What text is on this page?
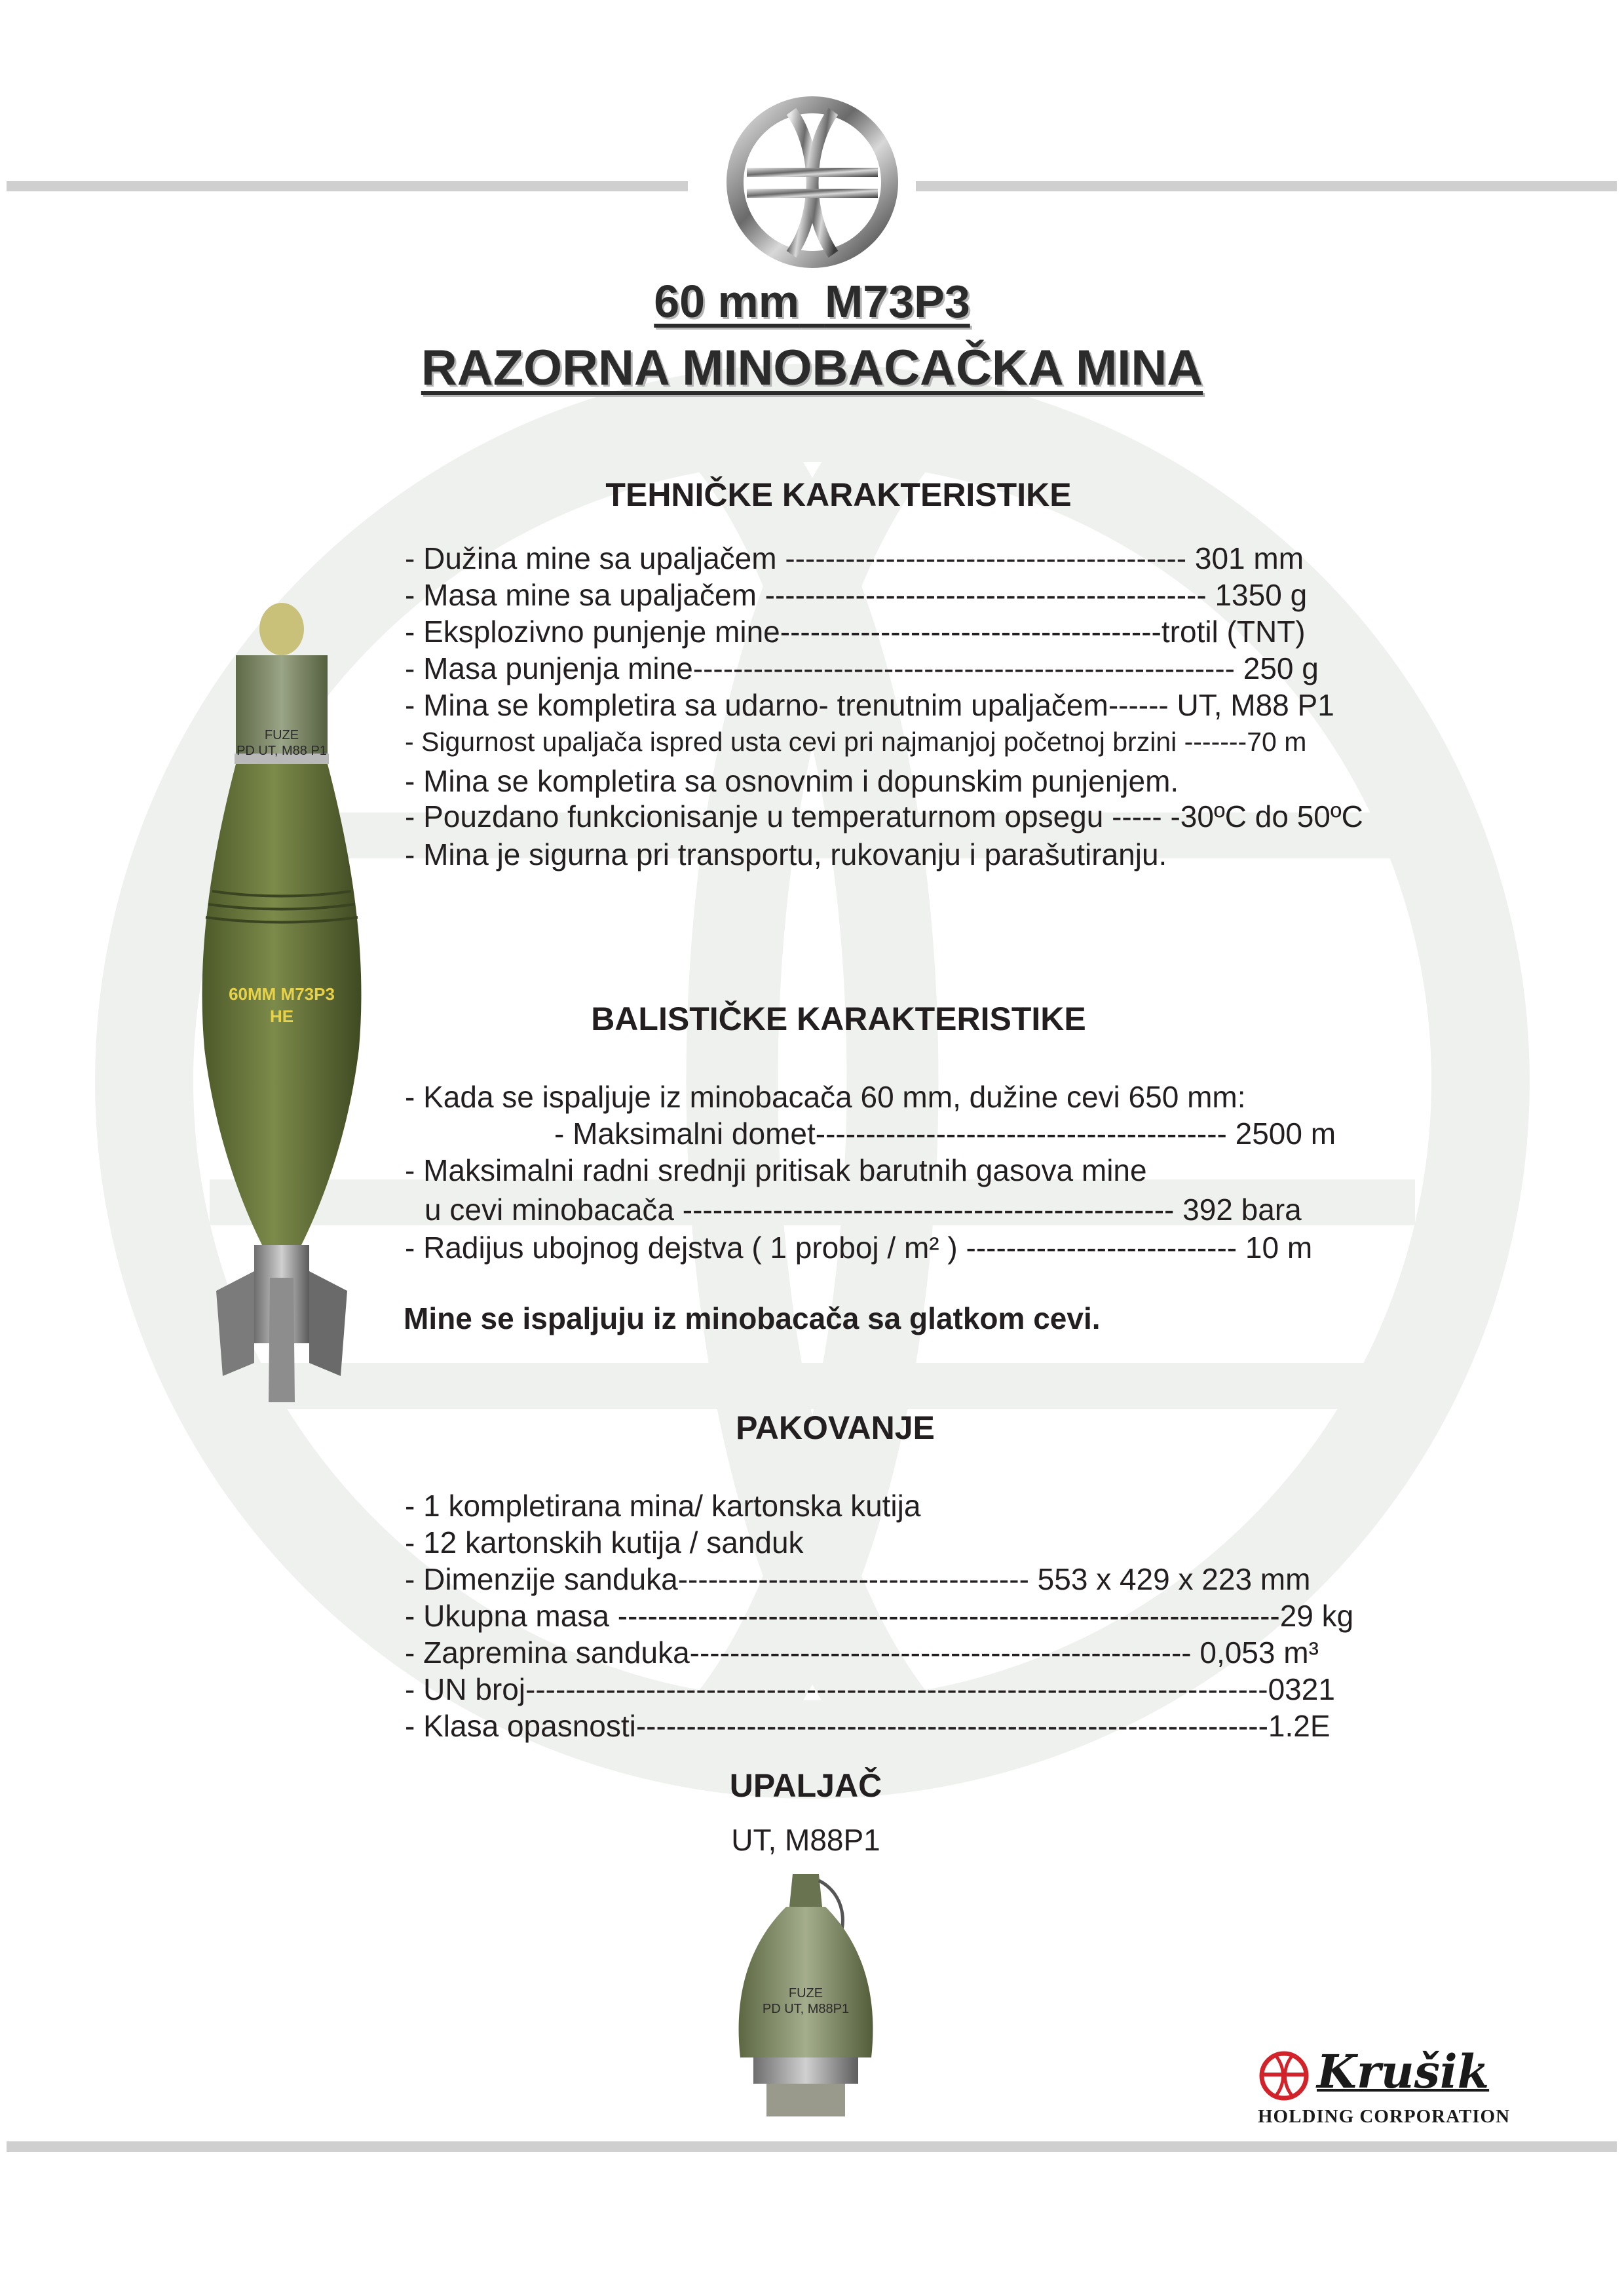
60 mm M73P3
RAZORNA MINOBACAČKA MINA
FUZE
PD UT, M88 P1
60MM M73P3
HE
TEHNIČKE KARAKTERISTIKE
- Dužina mine sa upaljačem ---------------------------------------- 301 mm
- Masa mine sa upaljačem -------------------------------------------- 1350 g
- Eksplozivno punjenje mine--------------------------------------trotil (TNT)
- Masa punjenja mine------------------------------------------------------ 250 g
- Mina se kompletira sa udarno- trenutnim upaljačem------ UT, M88 P1
- Sigurnost upaljača ispred usta cevi pri najmanjoj početnoj brzini -------70 m
- Mina se kompletira sa osnovnim i dopunskim punjenjem.
- Pouzdano funkcionisanje u temperaturnom opsegu ----- -30ºC do 50ºC
- Mina je sigurna pri transportu, rukovanju i parašutiranju.
BALISTIČKE KARAKTERISTIKE
- Kada se ispaljuje iz minobacača 60 mm, dužine cevi 650 mm:
- Maksimalni domet----------------------------------------- 2500 m
- Maksimalni radni srednji pritisak barutnih gasova mine
u cevi minobacača ------------------------------------------------- 392 bara
- Radijus ubojnog dejstva ( 1 proboj / m² ) --------------------------- 10 m
Mine se ispaljuju iz minobacača sa glatkom cevi.
PAKOVANJE
- 1 kompletirana mina/ kartonska kutija
- 12 kartonskih kutija / sanduk
- Dimenzije sanduka----------------------------------- 553 x 429 x 223 mm
- Ukupna masa ------------------------------------------------------------------29 kg
- Zapremina sanduka-------------------------------------------------- 0,053 m³
- UN broj--------------------------------------------------------------------------0321
- Klasa opasnosti---------------------------------------------------------------1.2E
UPALJAČ
UT, M88P1
FUZE
PD UT, M88P1
Krušik
HOLDING CORPORATION
